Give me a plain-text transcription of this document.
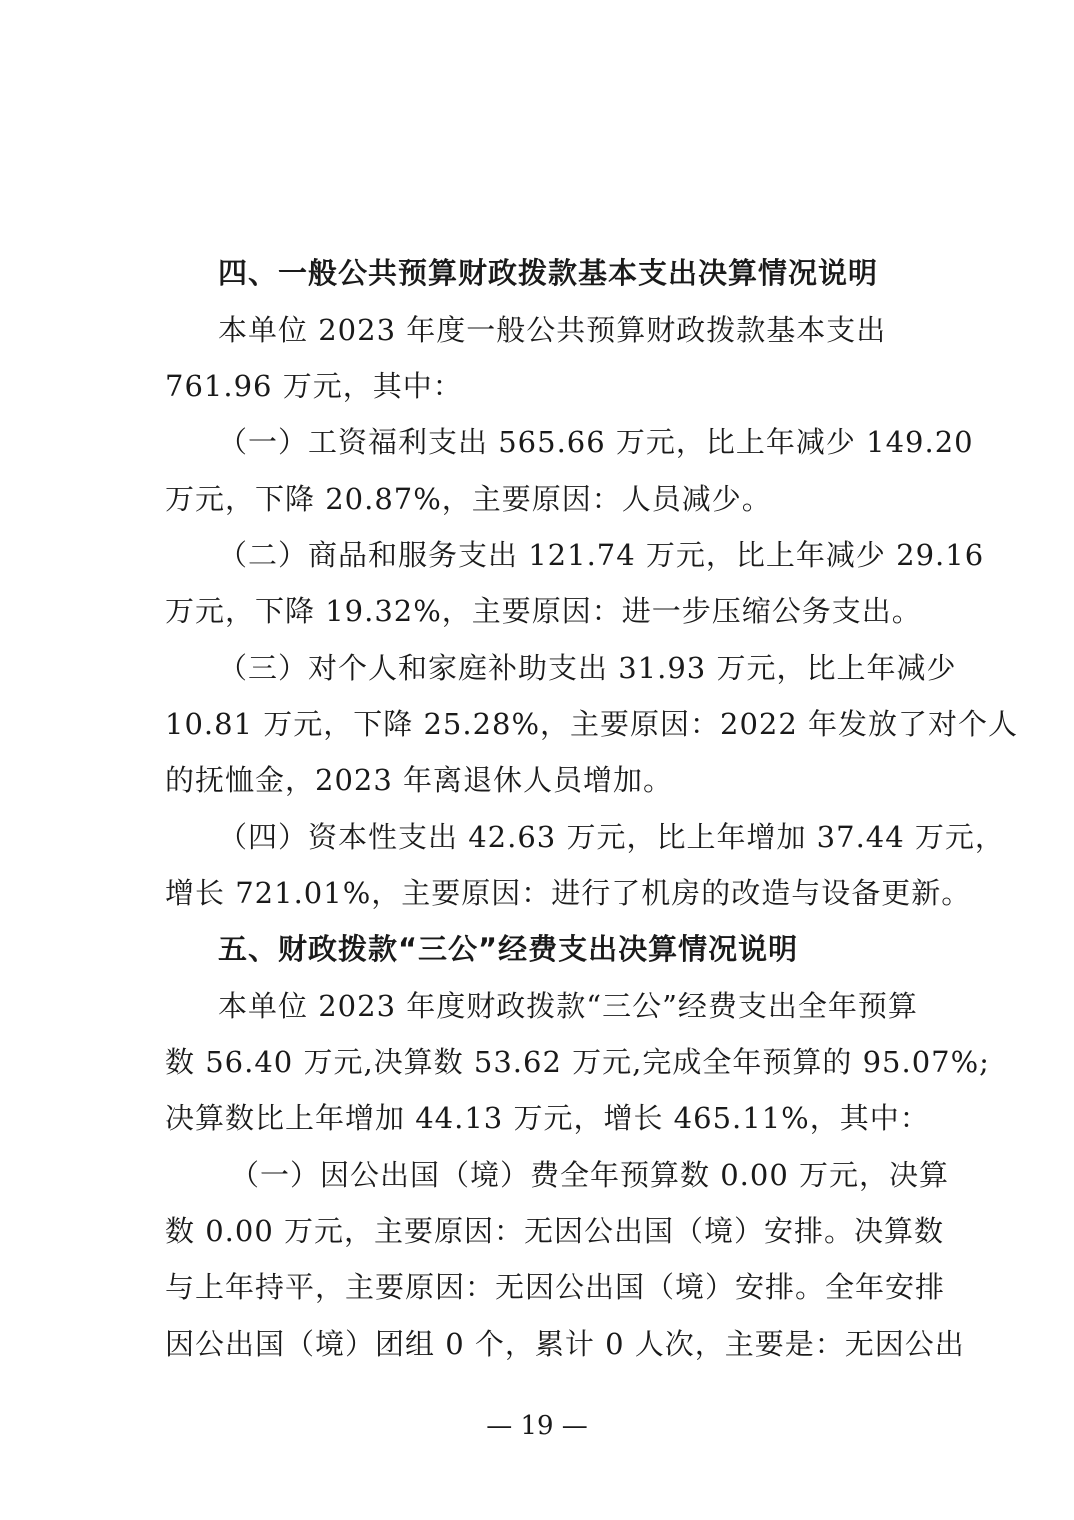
四、一般公共预算财政拨款基本支出决算情况说明
本单位 2023 年度一般公共预算财政拨款基本支出
761.96 万元，其中：
（一）工资福利支出 565.66 万元，比上年减少 149.20
万元，下降 20.87%，主要原因：人员减少。
（二）商品和服务支出 121.74 万元，比上年减少 29.16
万元，下降 19.32%，主要原因：进一步压缩公务支出。
（三）对个人和家庭补助支出 31.93 万元，比上年减少
10.81 万元，下降 25.28%，主要原因：2022 年发放了对个人
的抚恤金，2023 年离退休人员增加。
（四）资本性支出 42.63 万元，比上年增加 37.44 万元，
增长 721.01%，主要原因：进行了机房的改造与设备更新。
五、财政拨款“三公”经费支出决算情况说明
本单位 2023 年度财政拨款“三公”经费支出全年预算
数 56.40 万元,决算数 53.62 万元,完成全年预算的 95.07%;
决算数比上年增加 44.13 万元，增长 465.11%，其中：
（一）因公出国（境）费全年预算数 0.00 万元，决算
数 0.00 万元，主要原因：无因公出国（境）安排。决算数
与上年持平，主要原因：无因公出国（境）安排。全年安排
因公出国（境）团组 0 个，累计 0 人次，主要是：无因公出
— 19 —
